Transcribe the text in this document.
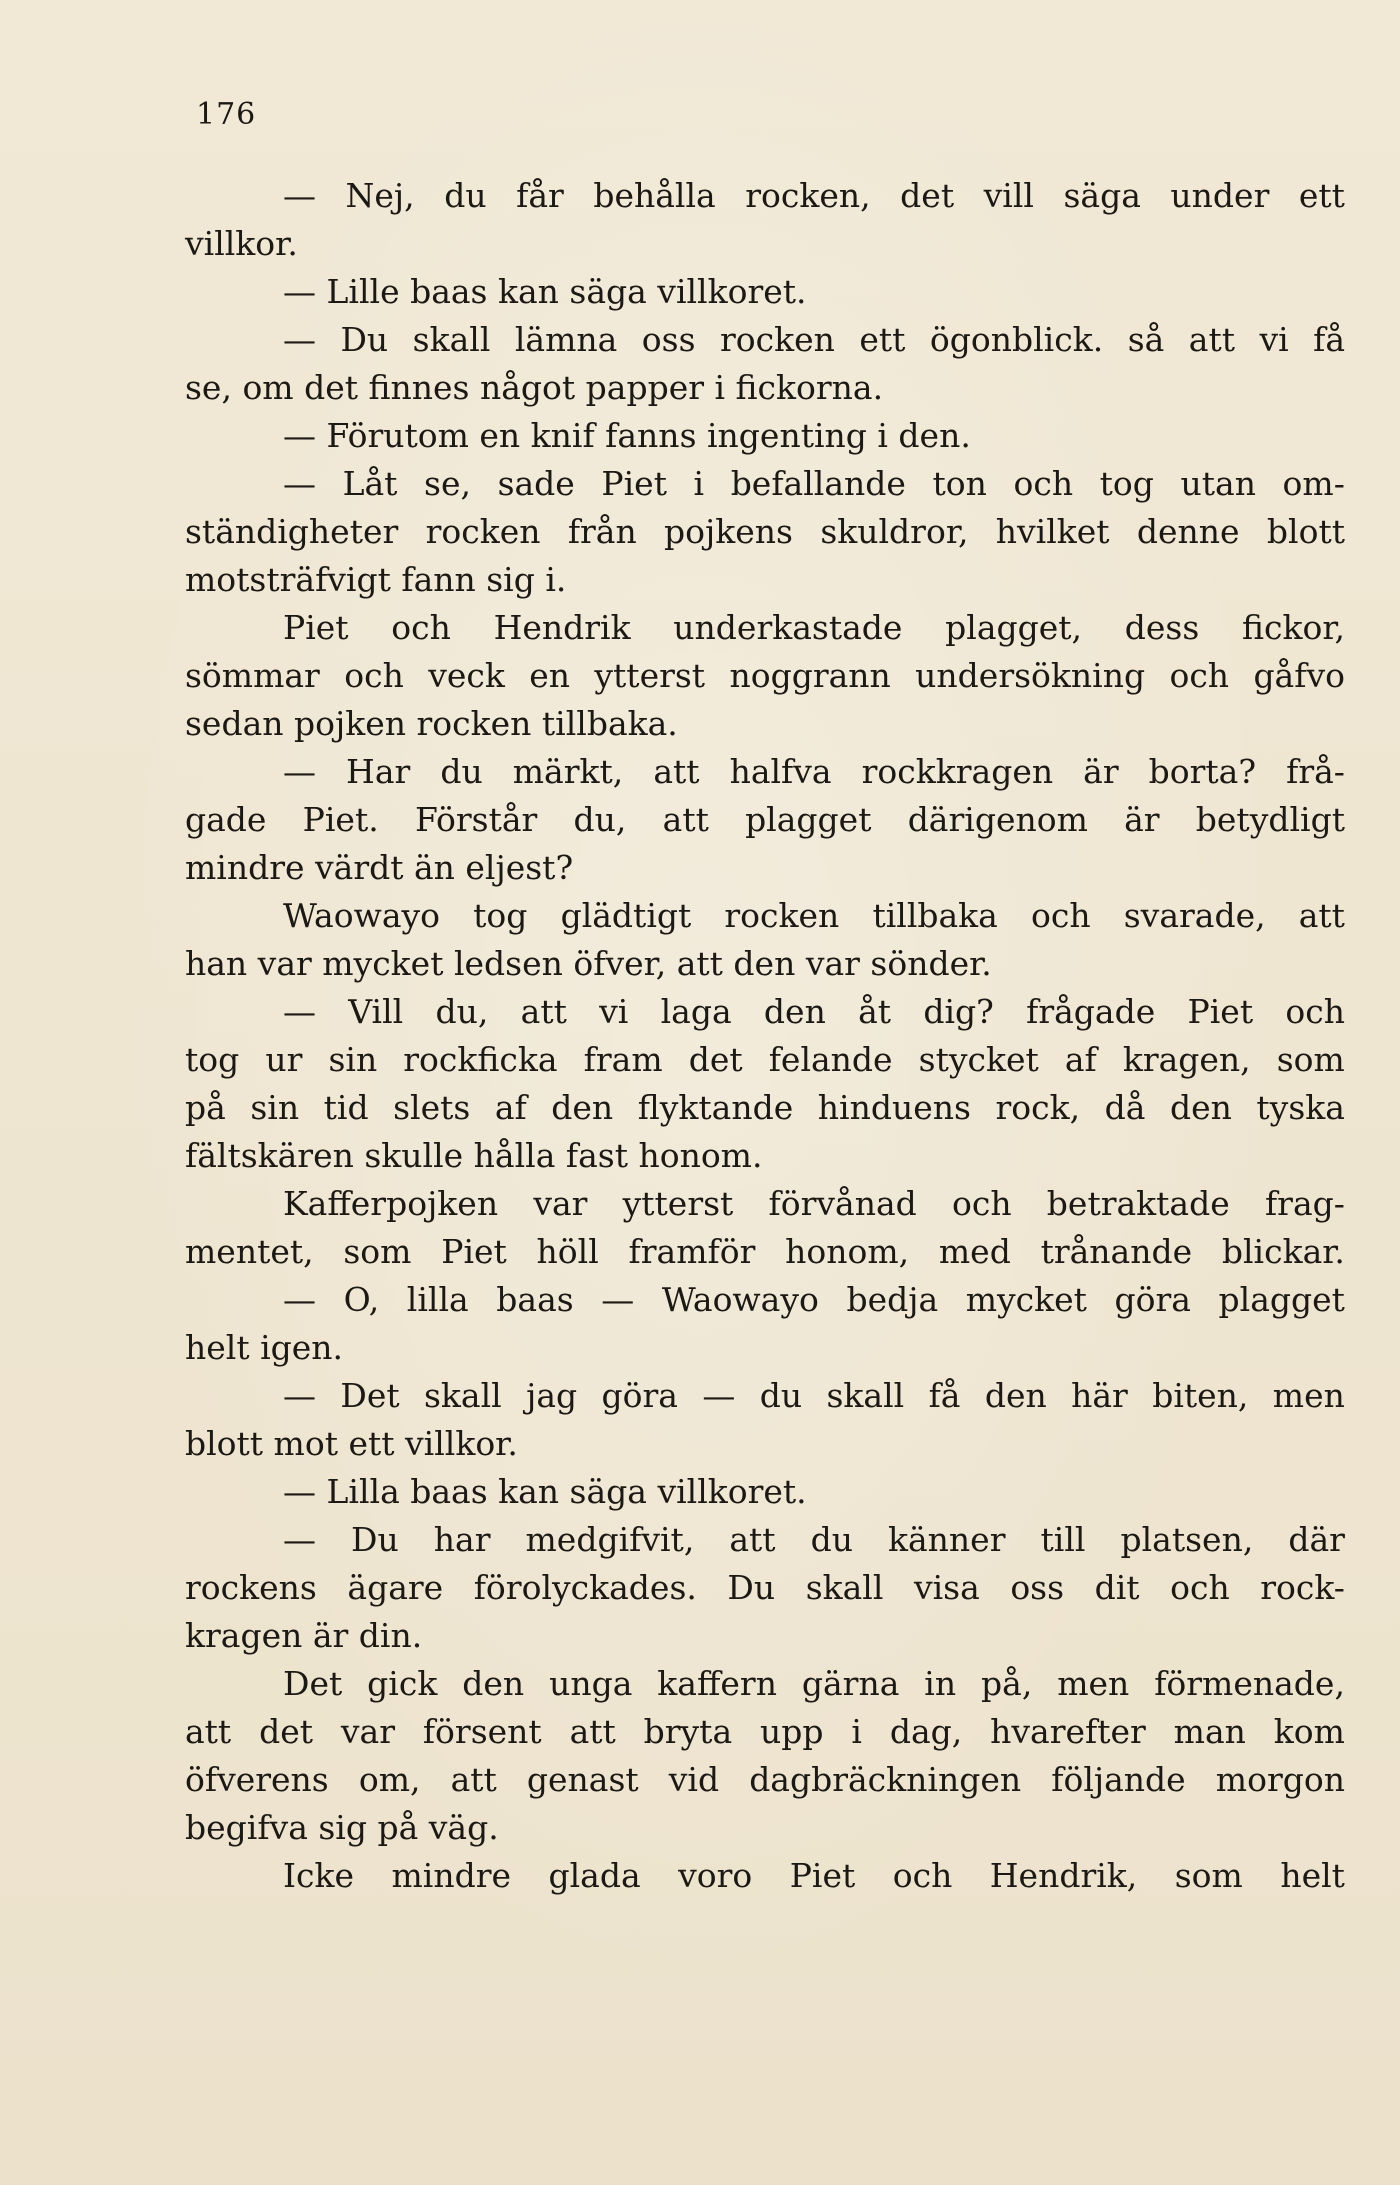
176
— Nej, du får behålla rocken, det vill säga under ett
villkor.
— Lille baas kan säga villkoret.
— Du skall lämna oss rocken ett ögonblick. så att vi få
se, om det finnes något papper i fickorna.
— Förutom en knif fanns ingenting i den.
— Låt se, sade Piet i befallande ton och tog utan om-
ständigheter rocken från pojkens skuldror, hvilket denne blott
motsträfvigt fann sig i.
Piet och Hendrik underkastade plagget, dess fickor,
sömmar och veck en ytterst noggrann undersökning och gåfvo
sedan pojken rocken tillbaka.
— Har du märkt, att halfva rockkragen är borta? frå-
gade Piet. Förstår du, att plagget därigenom är betydligt
mindre värdt än eljest?
Waowayo tog glädtigt rocken tillbaka och svarade, att
han var mycket ledsen öfver, att den var sönder.
— Vill du, att vi laga den åt dig? frågade Piet och
tog ur sin rockficka fram det felande stycket af kragen, som
på sin tid slets af den flyktande hinduens rock, då den tyska
fältskären skulle hålla fast honom.
Kafferpojken var ytterst förvånad och betraktade frag-
mentet, som Piet höll framför honom, med trånande blickar.
— O, lilla baas — Waowayo bedja mycket göra plagget
helt igen.
— Det skall jag göra — du skall få den här biten, men
blott mot ett villkor.
— Lilla baas kan säga villkoret.
— Du har medgifvit, att du känner till platsen, där
rockens ägare förolyckades. Du skall visa oss dit och rock-
kragen är din.
Det gick den unga kaffern gärna in på, men förmenade,
att det var försent att bryta upp i dag, hvarefter man kom
öfverens om, att genast vid dagbräckningen följande morgon
begifva sig på väg.
Icke mindre glada voro Piet och Hendrik, som helt
